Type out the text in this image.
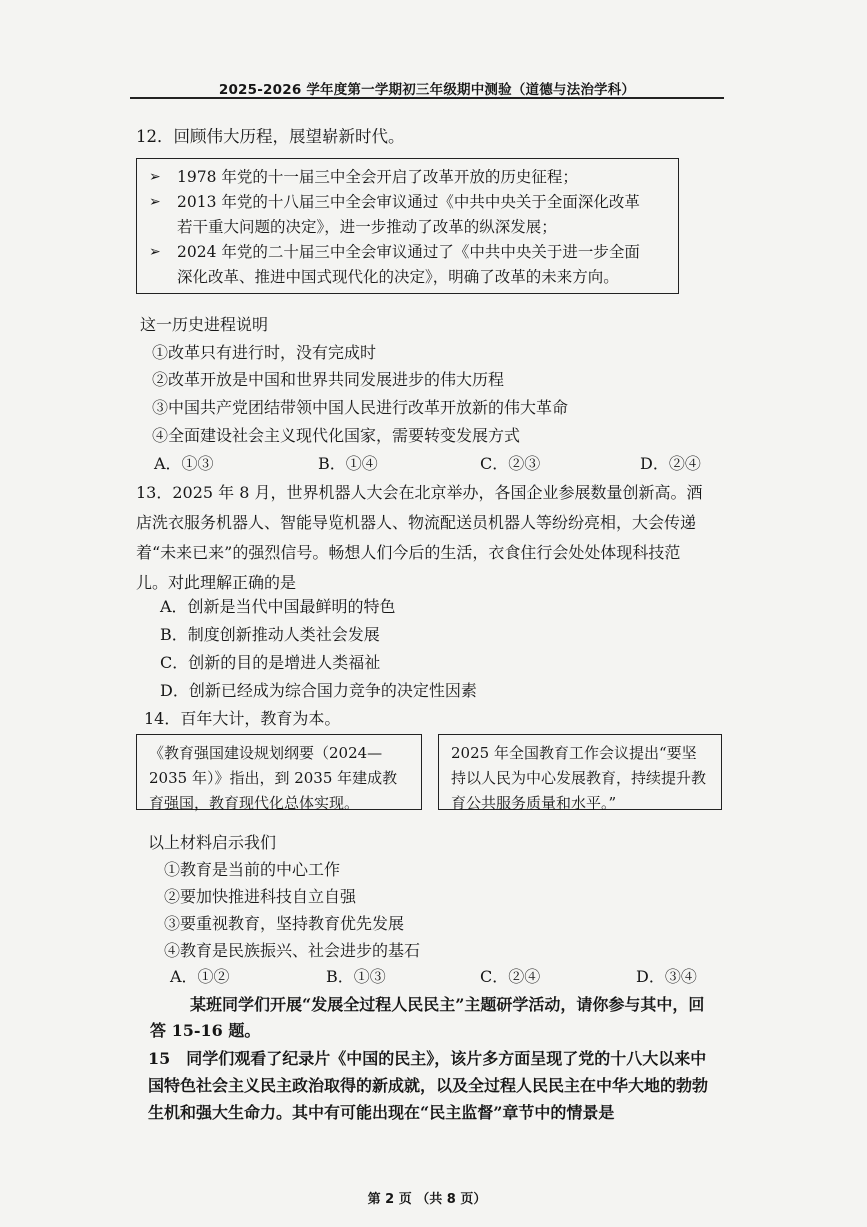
2025-2026 学年度第一学期初三年级期中测验（道德与法治学科）
12．回顾伟大历程，展望崭新时代。
➢	1978 年党的十一届三中全会开启了改革开放的历史征程；
➢	2013 年党的十八届三中全会审议通过《中共中央关于全面深化改革若干重大问题的决定》，进一步推动了改革的纵深发展；
➢	2024 年党的二十届三中全会审议通过了《中共中央关于进一步全面深化改革、推进中国式现代化的决定》，明确了改革的未来方向。
这一历史进程说明
①改革只有进行时，没有完成时
②改革开放是中国和世界共同发展进步的伟大历程
③中国共产党团结带领中国人民进行改革开放新的伟大革命
④全面建设社会主义现代化国家，需要转变发展方式
A．①③	B．①④	C．②③	D．②④
13．2025 年 8 月，世界机器人大会在北京举办，各国企业参展数量创新高。酒
店洗衣服务机器人、智能导览机器人、物流配送员机器人等纷纷亮相，大会传递
着“未来已来”的强烈信号。畅想人们今后的生活，衣食住行会处处体现科技范
儿。对此理解正确的是
A．创新是当代中国最鲜明的特色
B．制度创新推动人类社会发展
C．创新的目的是增进人类福祉
D．创新已经成为综合国力竞争的决定性因素
14．百年大计，教育为本。
《教育强国建设规划纲要（2024—2035 年）》指出，到 2035 年建成教育强国，教育现代化总体实现。
2025 年全国教育工作会议提出“要坚持以人民为中心发展教育，持续提升教育公共服务质量和水平。”
以上材料启示我们
①教育是当前的中心工作
②要加快推进科技自立自强
③要重视教育，坚持教育优先发展
④教育是民族振兴、社会进步的基石
A．①②	B．①③	C．②④	D．③④
某班同学们开展“发展全过程人民民主”主题研学活动，请你参与其中，回
答 15-16 题。
15　同学们观看了纪录片《中国的民主》，该片多方面呈现了党的十八大以来中
国特色社会主义民主政治取得的新成就，以及全过程人民民主在中华大地的勃勃
生机和强大生命力。其中有可能出现在“民主监督”章节中的情景是
第 2 页 （共 8 页）
